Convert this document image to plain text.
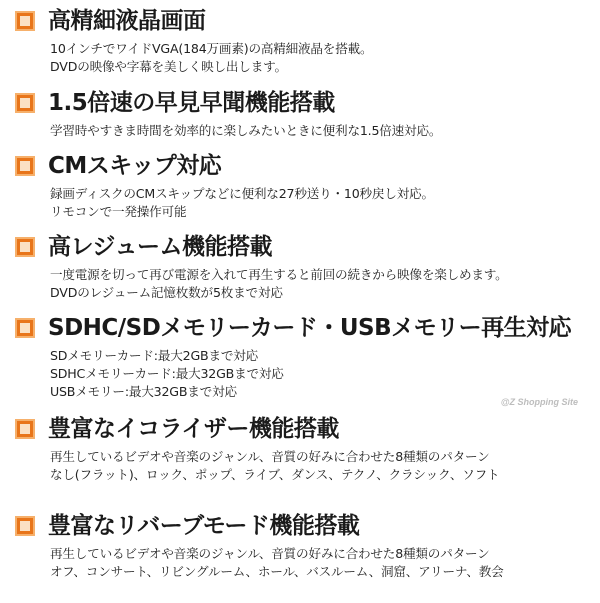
高精細液晶画面
10インチでワイドVGA(184万画素)の高精細液晶を搭載。
DVDの映像や字幕を美しく映し出します。
1.5倍速の早見早聞機能搭載
学習時やすきま時間を効率的に楽しみたいときに便利な1.5倍速対応。
CMスキップ対応
録画ディスクのCMスキップなどに便利な27秒送り・10秒戻し対応。
リモコンで一発操作可能
高レジューム機能搭載
一度電源を切って再び電源を入れて再生すると前回の続きから映像を楽しめます。
DVDのレジューム記憶枚数が5枚まで対応
SDHC/SDメモリーカード・USBメモリー再生対応
SDメモリーカード:最大2GBまで対応
SDHCメモリーカード:最大32GBまで対応
USBメモリー:最大32GBまで対応
豊富なイコライザー機能搭載
再生しているビデオや音楽のジャンル、音質の好みに合わせた8種類のパターン
なし(フラット)、ロック、ポップ、ライブ、ダンス、テクノ、クラシック、ソフト
豊富なリバーブモード機能搭載
再生しているビデオや音楽のジャンル、音質の好みに合わせた8種類のパターン
オフ、コンサート、リビングルーム、ホール、バスルーム、洞窟、アリーナ、教会
@Z Shopping Site
